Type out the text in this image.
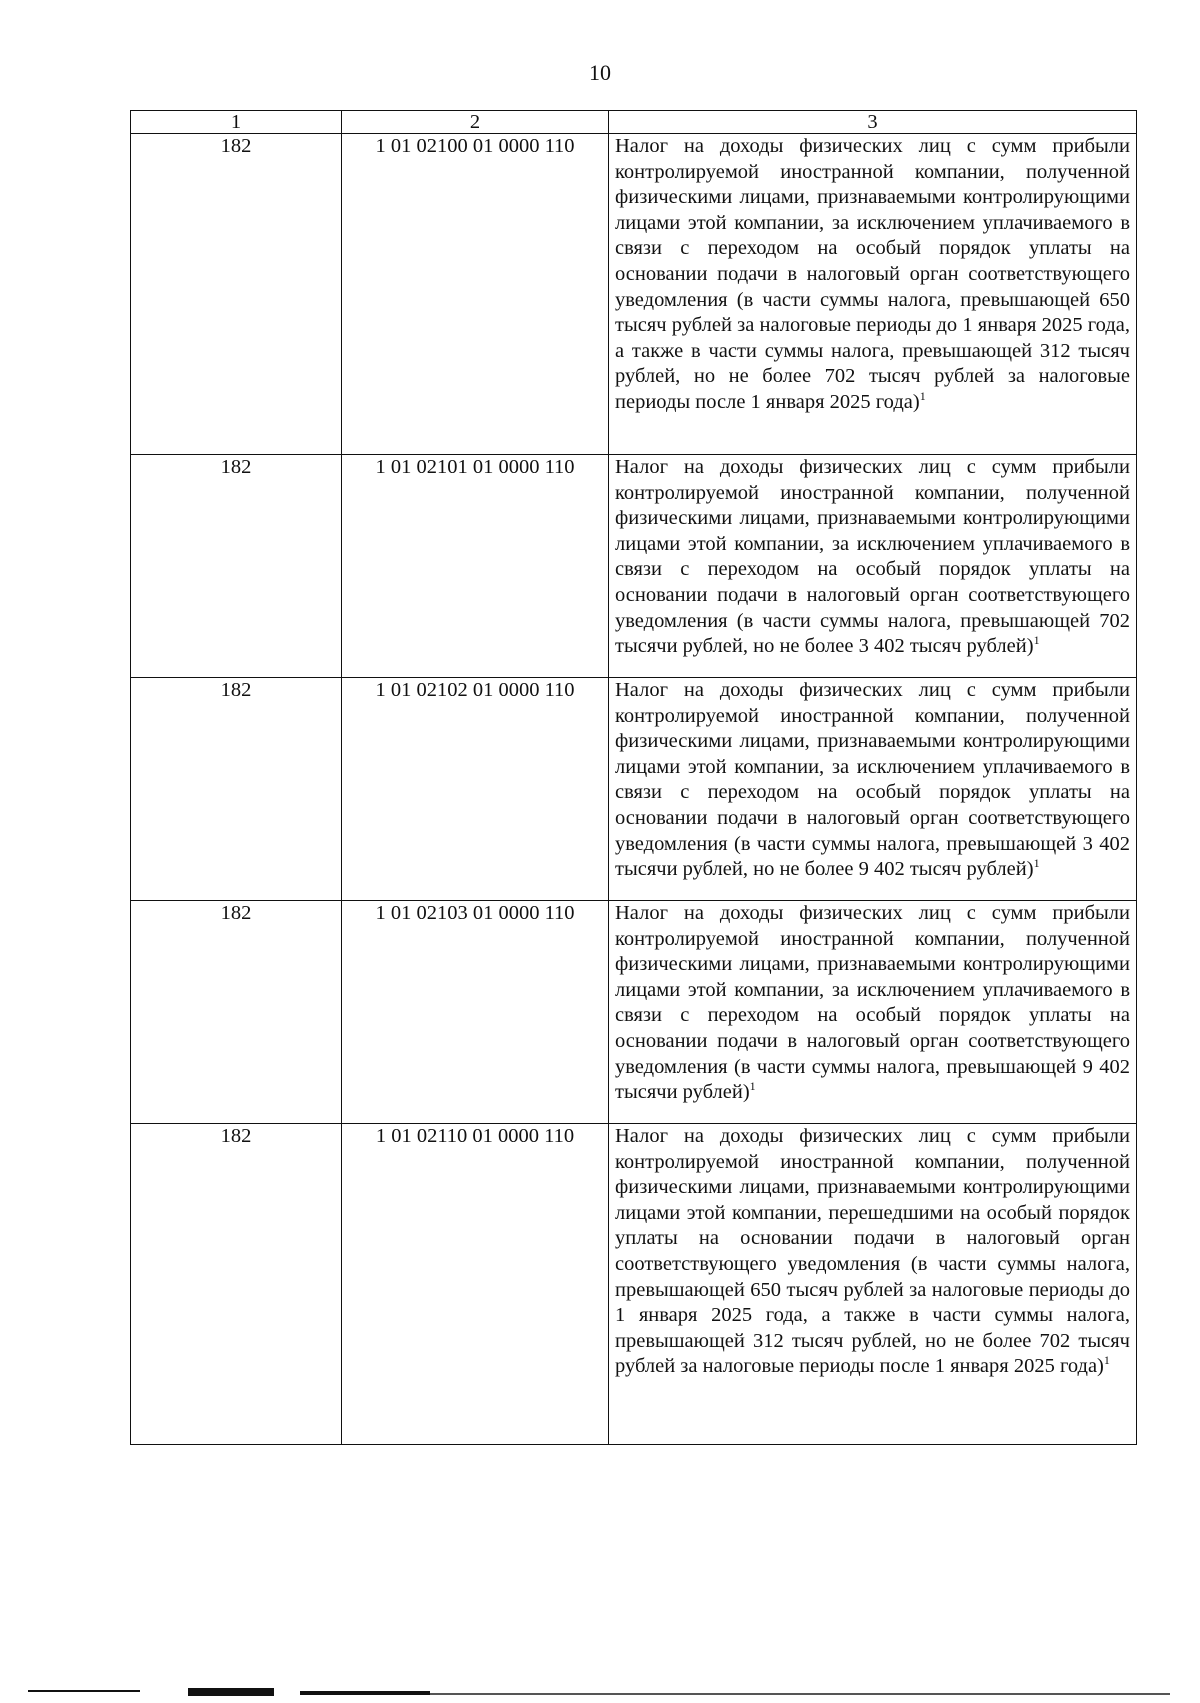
10
1	2	3
182	1 01 02100 01 0000 110	Налог на доходы физических лиц с сумм прибыли контролируемой иностранной компании, полученной физическими лицами, признаваемыми контролирующими лицами этой компании, за исключением уплачиваемого в связи с переходом на особый порядок уплаты на основании подачи в налоговый орган соответствующего уведомления (в части суммы налога, превышающей 650 тысяч рублей за налоговые периоды до 1 января 2025 года, а также в части суммы налога, превышающей 312 тысяч рублей, но не более 702 тысяч рублей за налоговые периоды после 1 января 2025 года)$^1$
182	1 01 02101 01 0000 110	Налог на доходы физических лиц с сумм прибыли контролируемой иностранной компании, полученной физическими лицами, признаваемыми контролирующими лицами этой компании, за исключением уплачиваемого в связи с переходом на особый порядок уплаты на основании подачи в налоговый орган соответствующего уведомления (в части суммы налога, превышающей 702 тысячи рублей, но не более 3 402 тысяч рублей)$^1$
182	1 01 02102 01 0000 110	Налог на доходы физических лиц с сумм прибыли контролируемой иностранной компании, полученной физическими лицами, признаваемыми контролирующими лицами этой компании, за исключением уплачиваемого в связи с переходом на особый порядок уплаты на основании подачи в налоговый орган соответствующего уведомления (в части суммы налога, превышающей 3 402 тысячи рублей, но не более 9 402 тысяч рублей)$^1$
182	1 01 02103 01 0000 110	Налог на доходы физических лиц с сумм прибыли контролируемой иностранной компании, полученной физическими лицами, признаваемыми контролирующими лицами этой компании, за исключением уплачиваемого в связи с переходом на особый порядок уплаты на основании подачи в налоговый орган соответствующего уведомления (в части суммы налога, превышающей 9 402 тысячи рублей)$^1$
182	1 01 02110 01 0000 110	Налог на доходы физических лиц с сумм прибыли контролируемой иностранной компании, полученной физическими лицами, признаваемыми контролирующими лицами этой компании, перешедшими на особый порядок уплаты на основании подачи в налоговый орган соответствующего уведомления (в части суммы налога, превышающей 650 тысяч рублей за налоговые периоды до 1 января 2025 года, а также в части суммы налога, превышающей 312 тысяч рублей, но не более 702 тысяч рублей за налоговые периоды после 1 января 2025 года)$^1$
